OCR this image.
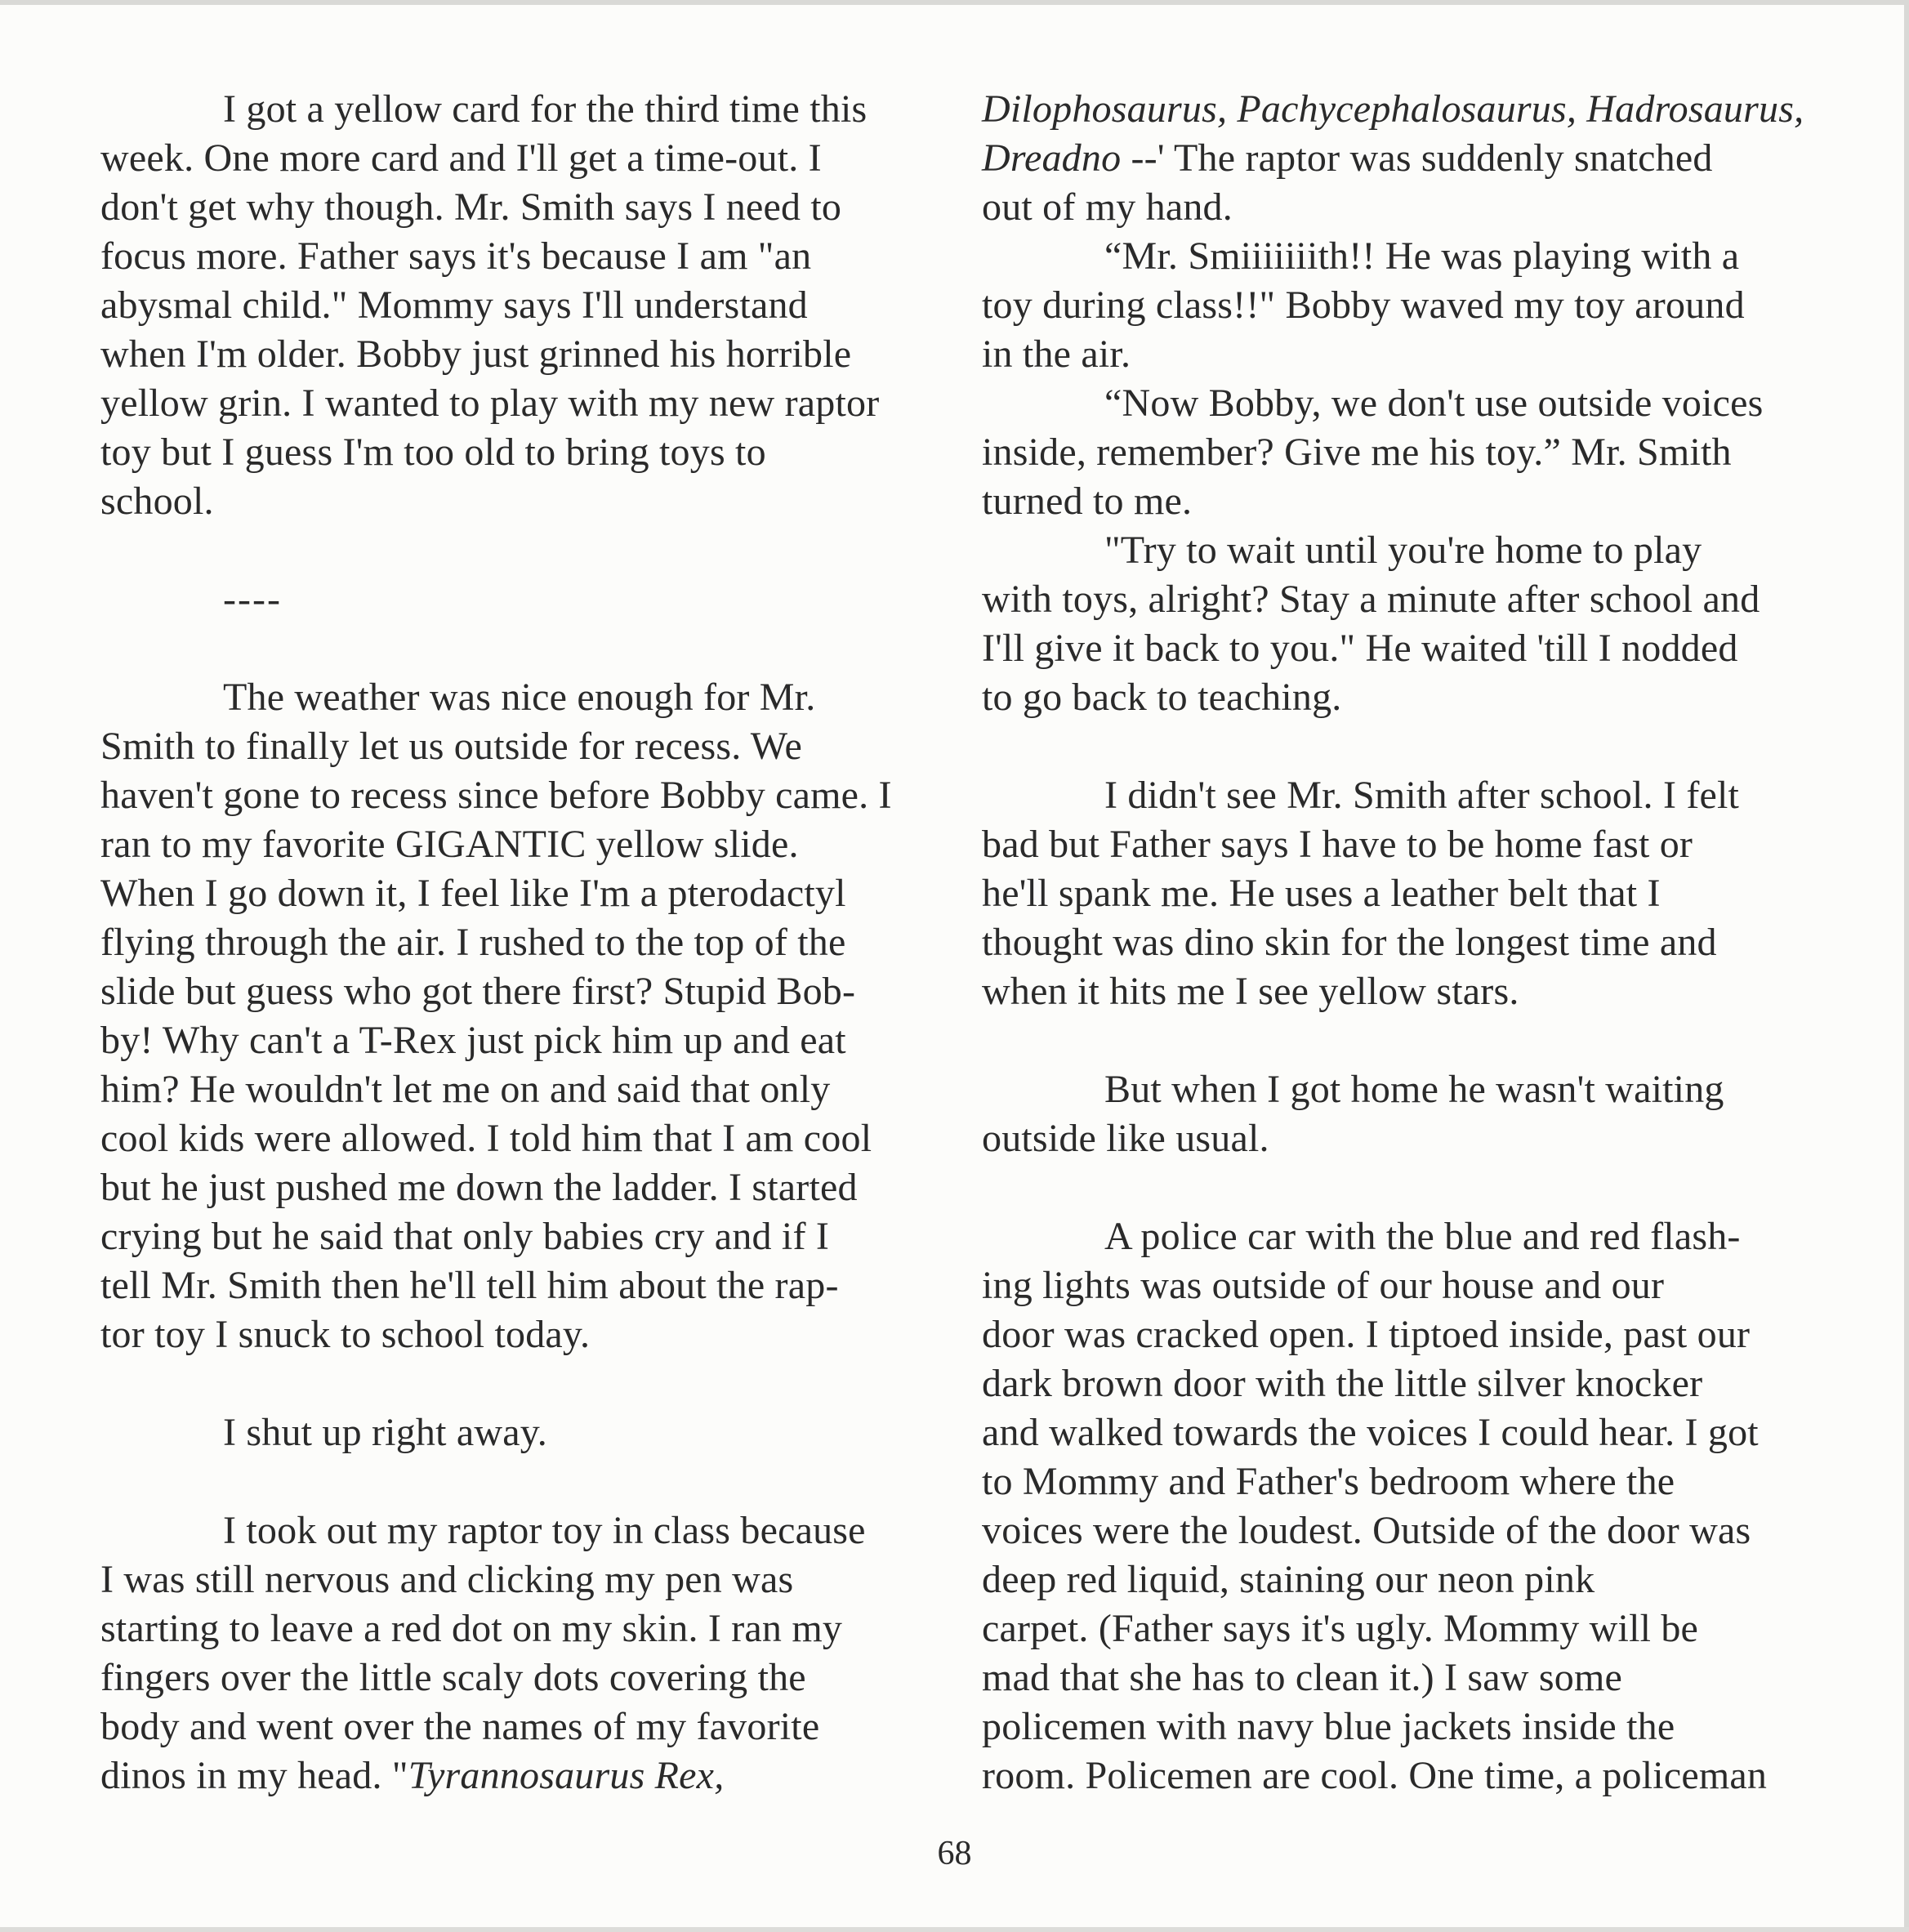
I got a yellow card for the third time this
week. One more card and I'll get a time-out. I
don't get why though. Mr. Smith says I need to
focus more. Father says it's because I am "an
abysmal child." Mommy says I'll understand
when I'm older. Bobby just grinned his horrible
yellow grin. I wanted to play with my new raptor
toy but I guess I'm too old to bring toys to
school.

----

The weather was nice enough for Mr.
Smith to finally let us outside for recess. We
haven't gone to recess since before Bobby came. I
ran to my favorite GIGANTIC yellow slide.
When I go down it, I feel like I'm a pterodactyl
flying through the air. I rushed to the top of the
slide but guess who got there first? Stupid Bob-
by! Why can't a T-Rex just pick him up and eat
him? He wouldn't let me on and said that only
cool kids were allowed. I told him that I am cool
but he just pushed me down the ladder. I started
crying but he said that only babies cry and if I
tell Mr. Smith then he'll tell him about the rap-
tor toy I snuck to school today.

I shut up right away.

I took out my raptor toy in class because
I was still nervous and clicking my pen was
starting to leave a red dot on my skin. I ran my
fingers over the little scaly dots covering the
body and went over the names of my favorite
dinos in my head. "Tyrannosaurus Rex,

Dilophosaurus, Pachycephalosaurus, Hadrosaurus,
Dreadno --' The raptor was suddenly snatched
out of my hand.

“Mr. Smiiiiiiith!! He was playing with a
toy during class!!" Bobby waved my toy around
in the air.

“Now Bobby, we don't use outside voices
inside, remember? Give me his toy.” Mr. Smith
turned to me.

"Try to wait until you're home to play
with toys, alright? Stay a minute after school and
I'll give it back to you." He waited 'till I nodded
to go back to teaching.

I didn't see Mr. Smith after school. I felt
bad but Father says I have to be home fast or
he'll spank me. He uses a leather belt that I
thought was dino skin for the longest time and
when it hits me I see yellow stars.

But when I got home he wasn't waiting
outside like usual.

A police car with the blue and red flash-
ing lights was outside of our house and our
door was cracked open. I tiptoed inside, past our
dark brown door with the little silver knocker
and walked towards the voices I could hear. I got
to Mommy and Father's bedroom where the
voices were the loudest. Outside of the door was
deep red liquid, staining our neon pink
carpet. (Father says it's ugly. Mommy will be
mad that she has to clean it.) I saw some
policemen with navy blue jackets inside the
room. Policemen are cool. One time, a policeman

68
